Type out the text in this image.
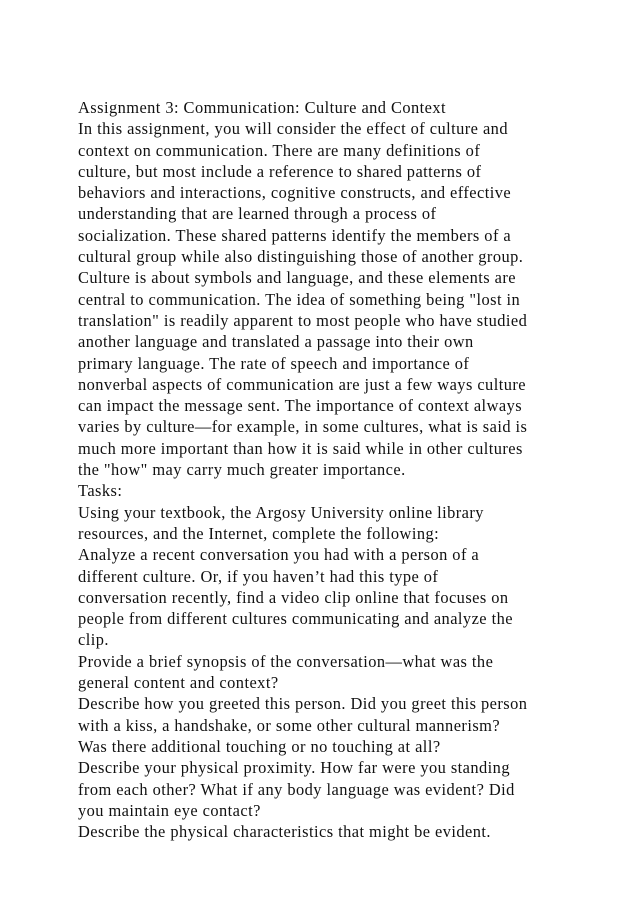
Assignment 3: Communication: Culture and Context
In this assignment, you will consider the effect of culture and
context on communication. There are many definitions of
culture, but most include a reference to shared patterns of
behaviors and interactions, cognitive constructs, and effective
understanding that are learned through a process of
socialization. These shared patterns identify the members of a
cultural group while also distinguishing those of another group.
Culture is about symbols and language, and these elements are
central to communication. The idea of something being "lost in
translation" is readily apparent to most people who have studied
another language and translated a passage into their own
primary language. The rate of speech and importance of
nonverbal aspects of communication are just a few ways culture
can impact the message sent. The importance of context always
varies by culture—for example, in some cultures, what is said is
much more important than how it is said while in other cultures
the "how" may carry much greater importance.
Tasks:
Using your textbook, the Argosy University online library
resources, and the Internet, complete the following:
Analyze a recent conversation you had with a person of a
different culture. Or, if you haven’t had this type of
conversation recently, find a video clip online that focuses on
people from different cultures communicating and analyze the
clip.
Provide a brief synopsis of the conversation—what was the
general content and context?
Describe how you greeted this person. Did you greet this person
with a kiss, a handshake, or some other cultural mannerism?
Was there additional touching or no touching at all?
Describe your physical proximity. How far were you standing
from each other? What if any body language was evident? Did
you maintain eye contact?
Describe the physical characteristics that might be evident.
